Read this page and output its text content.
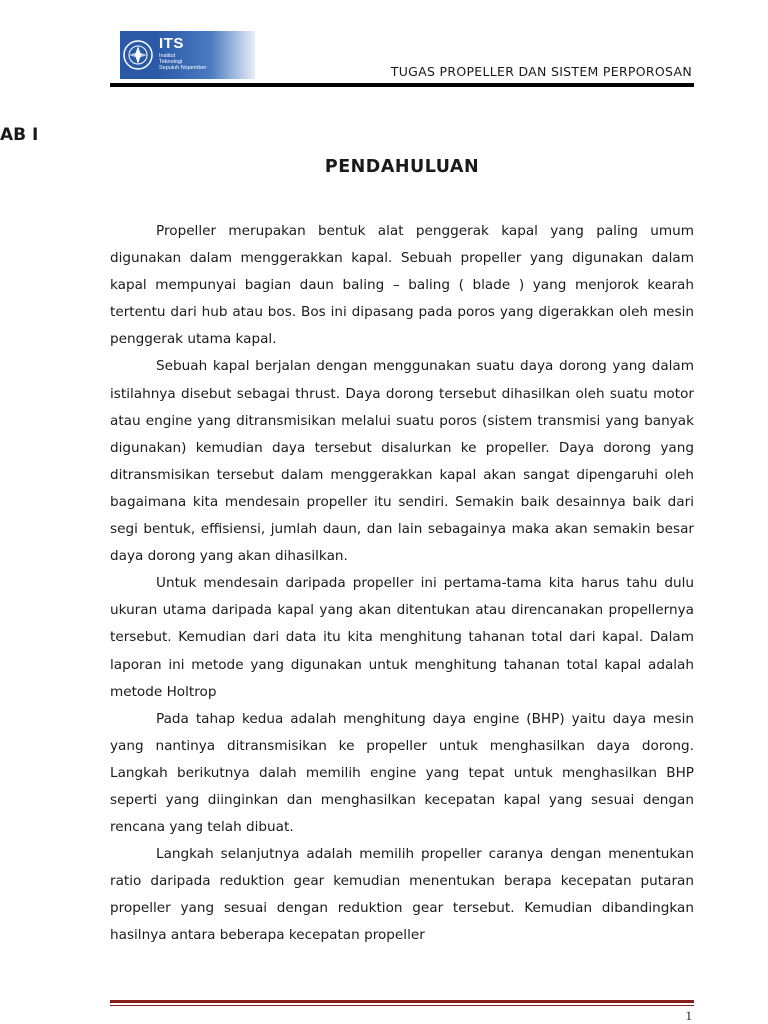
ITS
Institut
Teknologi
Sepuluh Nopember	TUGAS PROPELLER DAN SISTEM PERPOROSAN
AB I
PENDAHULUAN

Propeller merupakan bentuk alat penggerak kapal yang paling umum digunakan dalam menggerakkan kapal. Sebuah propeller yang digunakan dalam kapal mempunyai bagian daun baling – baling ( blade ) yang menjorok kearah tertentu dari hub atau bos. Bos ini dipasang pada poros yang digerakkan oleh mesin penggerak utama kapal.

Sebuah kapal berjalan dengan menggunakan suatu daya dorong yang dalam istilahnya disebut sebagai thrust. Daya dorong tersebut dihasilkan oleh suatu motor atau engine yang ditransmisikan melalui suatu poros (sistem transmisi yang banyak digunakan) kemudian daya tersebut disalurkan ke propeller. Daya dorong yang ditransmisikan tersebut dalam menggerakkan kapal akan sangat dipengaruhi oleh bagaimana kita mendesain propeller itu sendiri. Semakin baik desainnya baik dari segi bentuk, effisiensi, jumlah daun, dan lain sebagainya maka akan semakin besar daya dorong yang akan dihasilkan.

Untuk mendesain daripada propeller ini pertama-tama kita harus tahu dulu ukuran utama daripada kapal yang akan ditentukan atau direncanakan propellernya tersebut. Kemudian dari data itu kita menghitung tahanan total dari kapal. Dalam laporan ini metode yang digunakan untuk menghitung tahanan total kapal adalah metode Holtrop

Pada tahap kedua adalah menghitung daya engine (BHP) yaitu daya mesin yang nantinya ditransmisikan ke propeller untuk menghasilkan daya dorong. Langkah berikutnya dalah memilih engine yang tepat untuk menghasilkan BHP seperti yang diinginkan dan menghasilkan kecepatan kapal yang sesuai dengan rencana yang telah dibuat.

Langkah selanjutnya adalah memilih propeller caranya dengan menentukan ratio daripada reduktion gear kemudian menentukan berapa kecepatan putaran propeller yang sesuai dengan reduktion gear tersebut. Kemudian dibandingkan hasilnya antara beberapa kecepatan propeller

1
